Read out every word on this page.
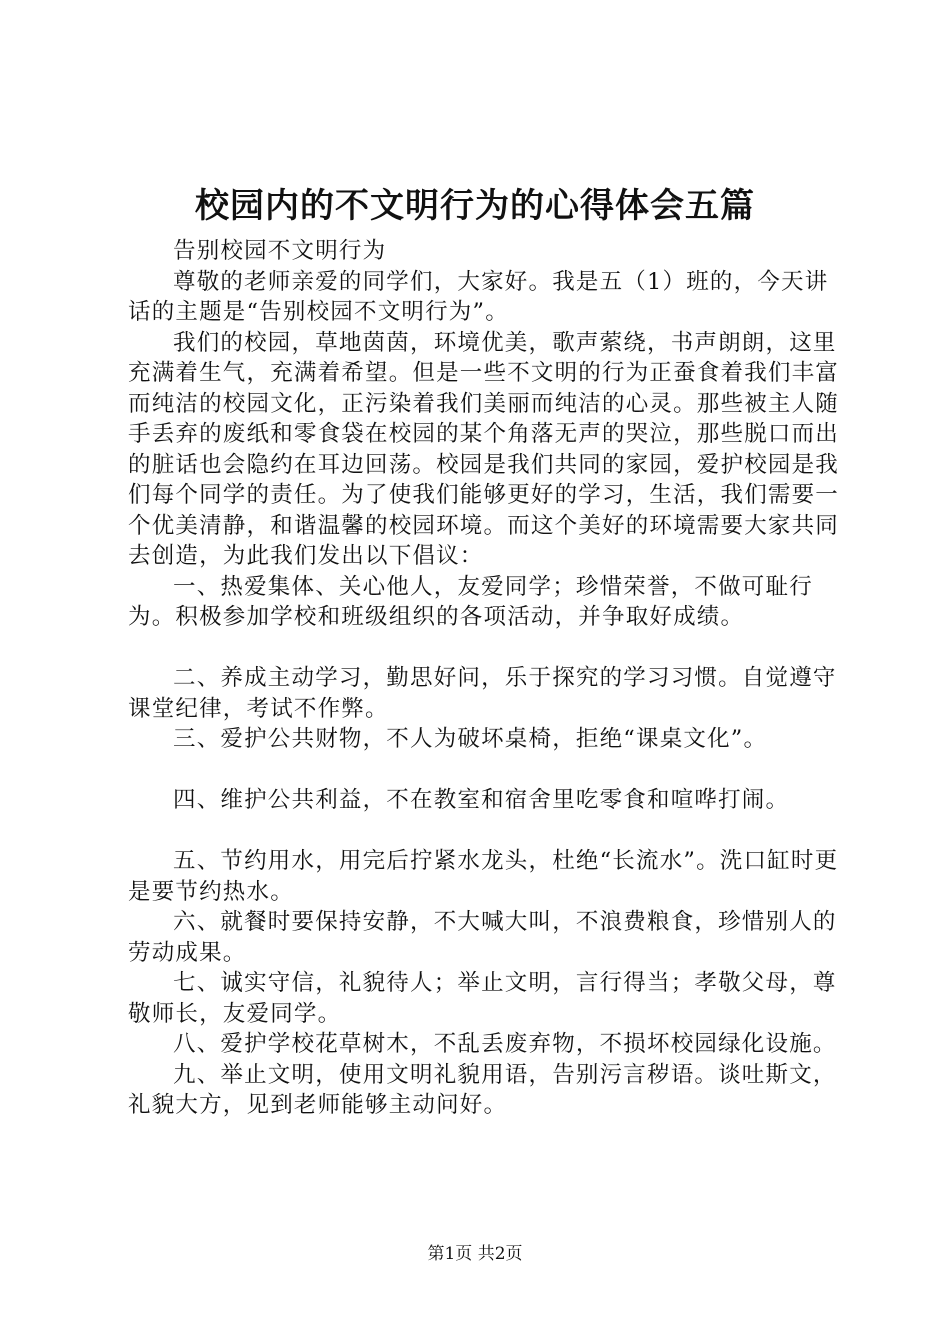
校园内的不文明行为的心得体会五篇

告别校园不文明行为

尊敬的老师亲爱的同学们，大家好。我是五（1）班的，今天讲话的主题是“告别校园不文明行为”。

我们的校园，草地茵茵，环境优美，歌声萦绕，书声朗朗，这里充满着生气，充满着希望。但是一些不文明的行为正蚕食着我们丰富而纯洁的校园文化，正污染着我们美丽而纯洁的心灵。那些被主人随手丢弃的废纸和零食袋在校园的某个角落无声的哭泣，那些脱口而出的脏话也会隐约在耳边回荡。校园是我们共同的家园，爱护校园是我们每个同学的责任。为了使我们能够更好的学习，生活，我们需要一个优美清静，和谐温馨的校园环境。而这个美好的环境需要大家共同去创造，为此我们发出以下倡议：

一、热爱集体、关心他人，友爱同学；珍惜荣誉，不做可耻行为。积极参加学校和班级组织的各项活动，并争取好成绩。

二、养成主动学习，勤思好问，乐于探究的学习习惯。自觉遵守课堂纪律，考试不作弊。

三、爱护公共财物，不人为破坏桌椅，拒绝“课桌文化”。

四、维护公共利益，不在教室和宿舍里吃零食和喧哗打闹。

五、节约用水，用完后拧紧水龙头，杜绝“长流水”。洗口缸时更是要节约热水。

六、就餐时要保持安静，不大喊大叫，不浪费粮食，珍惜别人的劳动成果。

七、诚实守信，礼貌待人；举止文明，言行得当；孝敬父母，尊敬师长，友爱同学。

八、爱护学校花草树木，不乱丢废弃物，不损坏校园绿化设施。

九、举止文明，使用文明礼貌用语，告别污言秽语。谈吐斯文，礼貌大方，见到老师能够主动问好。

第1页 共2页
